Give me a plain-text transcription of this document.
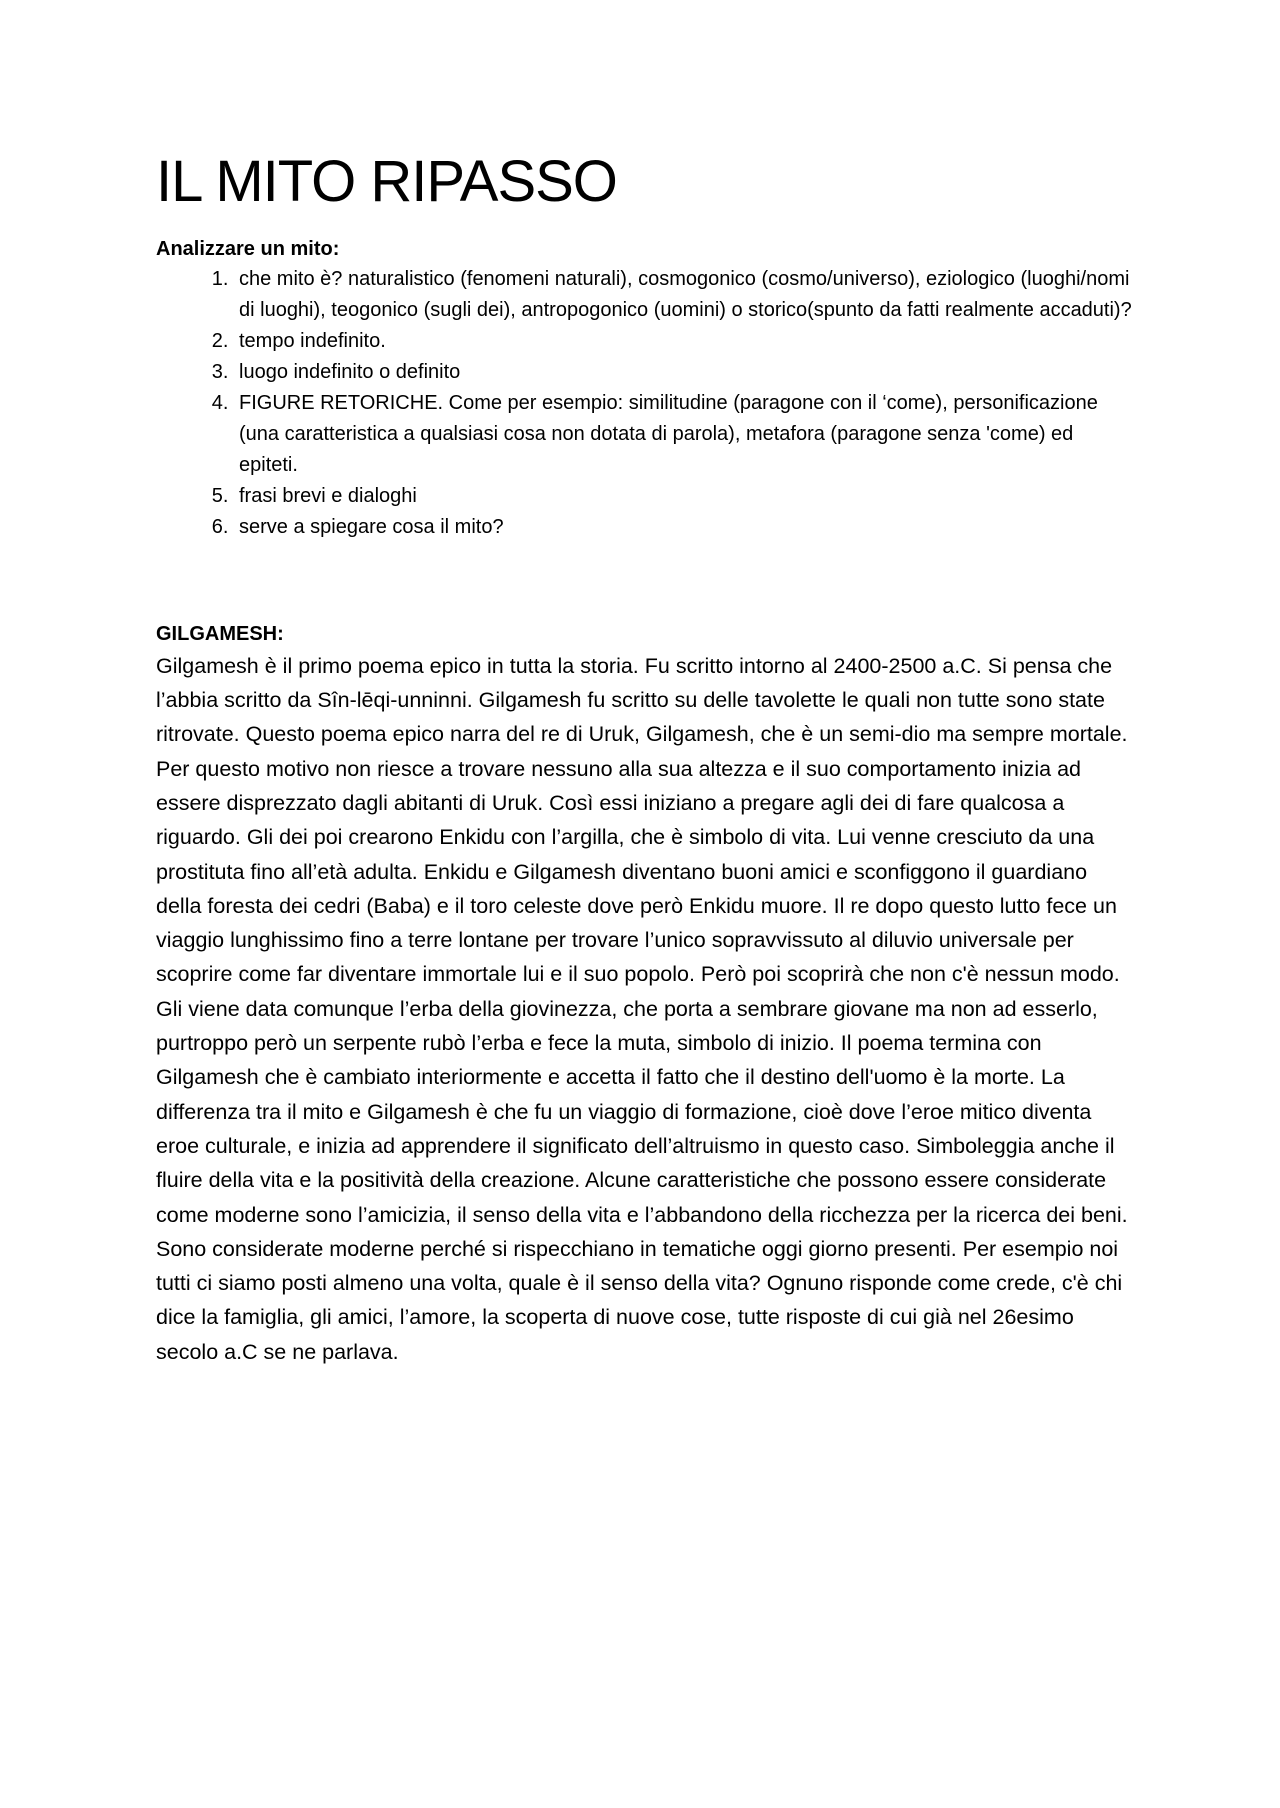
IL MITO RIPASSO

Analizzare un mito:

1. che mito è? naturalistico (fenomeni naturali), cosmogonico (cosmo/universo), eziologico (luoghi/nomi di luoghi), teogonico (sugli dei), antropogonico (uomini) o storico(spunto da fatti realmente accaduti)?
2. tempo indefinito.
3. luogo indefinito o definito
4. FIGURE RETORICHE. Come per esempio: similitudine (paragone con il ‘come), personificazione (una caratteristica a qualsiasi cosa non dotata di parola), metafora (paragone senza 'come) ed epiteti.
5. frasi brevi e dialoghi
6. serve a spiegare cosa il mito?

GILGAMESH:

Gilgamesh è il primo poema epico in tutta la storia. Fu scritto intorno al 2400-2500 a.C. Si pensa che l’abbia scritto da Sîn-lēqi-unninni. Gilgamesh fu scritto su delle tavolette le quali non tutte sono state ritrovate. Questo poema epico narra del re di Uruk, Gilgamesh, che è un semi-dio ma sempre mortale. Per questo motivo non riesce a trovare nessuno alla sua altezza e il suo comportamento inizia ad essere disprezzato dagli abitanti di Uruk. Così essi iniziano a pregare agli dei di fare qualcosa a riguardo. Gli dei poi crearono Enkidu con l’argilla, che è simbolo di vita. Lui venne cresciuto da una prostituta fino all’età adulta. Enkidu e Gilgamesh diventano buoni amici e sconfiggono il guardiano della foresta dei cedri (Baba) e il toro celeste dove però Enkidu muore. Il re dopo questo lutto fece un viaggio lunghissimo fino a terre lontane per trovare l’unico sopravvissuto al diluvio universale per scoprire come far diventare immortale lui e il suo popolo. Però poi scoprirà che non c'è nessun modo. Gli viene data comunque l’erba della giovinezza, che porta a sembrare giovane ma non ad esserlo, purtroppo però un serpente rubò l’erba e fece la muta, simbolo di inizio. Il poema termina con Gilgamesh che è cambiato interiormente e accetta il fatto che il destino dell'uomo è la morte. La differenza tra il mito e Gilgamesh è che fu un viaggio di formazione, cioè dove l’eroe mitico diventa eroe culturale, e inizia ad apprendere il significato dell’altruismo in questo caso. Simboleggia anche il fluire della vita e la positività della creazione. Alcune caratteristiche che possono essere considerate come moderne sono l’amicizia, il senso della vita e l’abbandono della ricchezza per la ricerca dei beni. Sono considerate moderne perché si rispecchiano in tematiche oggi giorno presenti. Per esempio noi tutti ci siamo posti almeno una volta, quale è il senso della vita? Ognuno risponde come crede, c'è chi dice la famiglia, gli amici, l’amore, la scoperta di nuove cose, tutte risposte di cui già nel 26esimo secolo a.C se ne parlava.
